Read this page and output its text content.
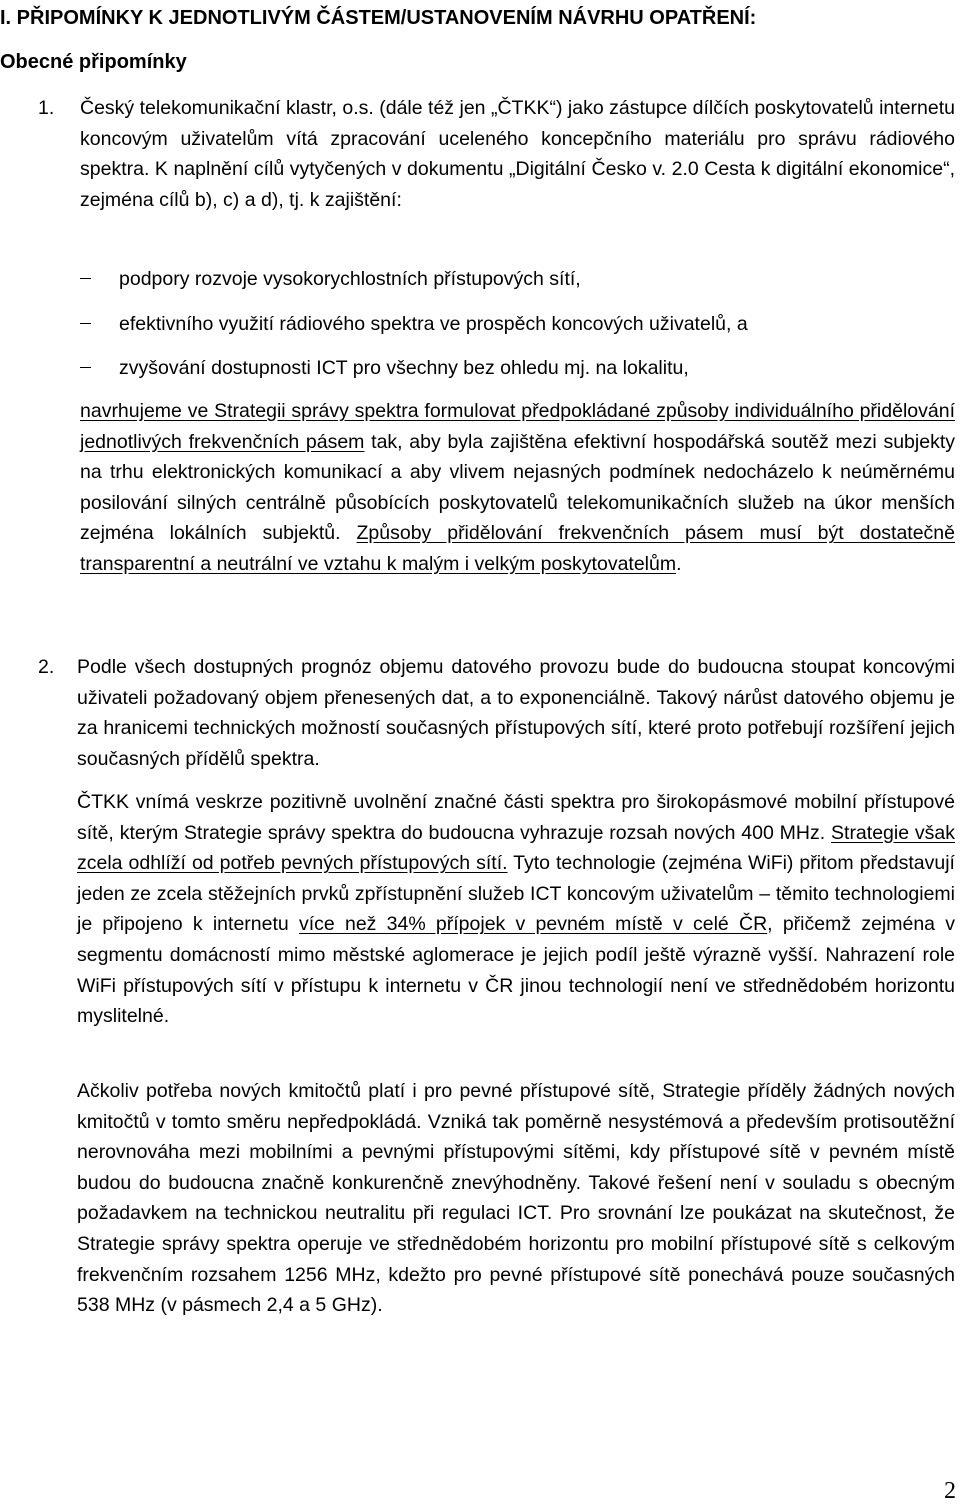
I. PŘIPOMÍNKY K JEDNOTLIVÝM ČÁSTEM/USTANOVENÍM NÁVRHU OPATŘENÍ:
Obecné připomínky
1. Český telekomunikační klastr, o.s. (dále též jen „ČTKK“) jako zástupce dílčích poskytovatelů internetu koncovým uživatelům vítá zpracování uceleného koncepčního materiálu pro správu rádiového spektra. K naplnění cílů vytyčených v dokumentu „Digitální Česko v. 2.0 Cesta k digitální ekonomice“, zejména cílů b), c) a d), tj. k zajištění:
podpory rozvoje vysokorychlostních přístupových sítí,
efektivního využití rádiového spektra ve prospěch koncových uživatelů, a
zvyšování dostupnosti ICT pro všechny bez ohledu mj. na lokalitu,
navrhujeme ve Strategii správy spektra formulovat předpokládané způsoby individuálního přidělování jednotlivých frekvenčních pásem tak, aby byla zajištěna efektivní hospodářská soutěž mezi subjekty na trhu elektronických komunikací a aby vlivem nejasných podmínek nedocházelo k neúměrnému posilování silných centrálně působících poskytovatelů telekomunikačních služeb na úkor menších zejména lokálních subjektů. Způsoby přidělování frekvenčních pásem musí být dostatečně transparentní a neutrální ve vztahu k malým i velkým poskytovatelům.
2. Podle všech dostupných prognóz objemu datového provozu bude do budoucna stoupat koncovými uživateli požadovaný objem přenesených dat, a to exponenciálně. Takový nárůst datového objemu je za hranicemi technických možností současných přístupových sítí, které proto potřebují rozšíření jejich současných přídělů spektra.
ČTKK vnímá veskrze pozitivně uvolnění značné části spektra pro širokopásmové mobilní přístupové sítě, kterým Strategie správy spektra do budoucna vyhrazuje rozsah nových 400 MHz. Strategie však zcela odhlíží od potřeb pevných přístupových sítí. Tyto technologie (zejména WiFi) přitom představují jeden ze zcela stěžejních prvků zpřístupnění služeb ICT koncovým uživatelům – těmito technologiemi je připojeno k internetu více než 34% přípojek v pevném místě v celé ČR, přičemž zejména v segmentu domácností mimo městské aglomerace je jejich podíl ještě výrazně vyšší. Nahrazení role WiFi přístupových sítí v přístupu k internetu v ČR jinou technologií není ve střednědobém horizontu myslitelné.
Ačkoliv potřeba nových kmitočtů platí i pro pevné přístupové sítě, Strategie příděly žádných nových kmitočtů v tomto směru nepředpokládá. Vzniká tak poměrně nesystémová a především protisoutěžní nerovnováha mezi mobilními a pevnými přístupovými sítěmi, kdy přístupové sítě v pevném místě budou do budoucna značně konkurenčně znevýhodněny. Takové řešení není v souladu s obecným požadavkem na technickou neutralitu při regulaci ICT. Pro srovnání lze poukázat na skutečnost, že Strategie správy spektra operuje ve střednědobém horizontu pro mobilní přístupové sítě s celkovým frekvenčním rozsahem 1256 MHz, kdežto pro pevné přístupové sítě ponechává pouze současných 538 MHz (v pásmech 2,4 a 5 GHz).
2
